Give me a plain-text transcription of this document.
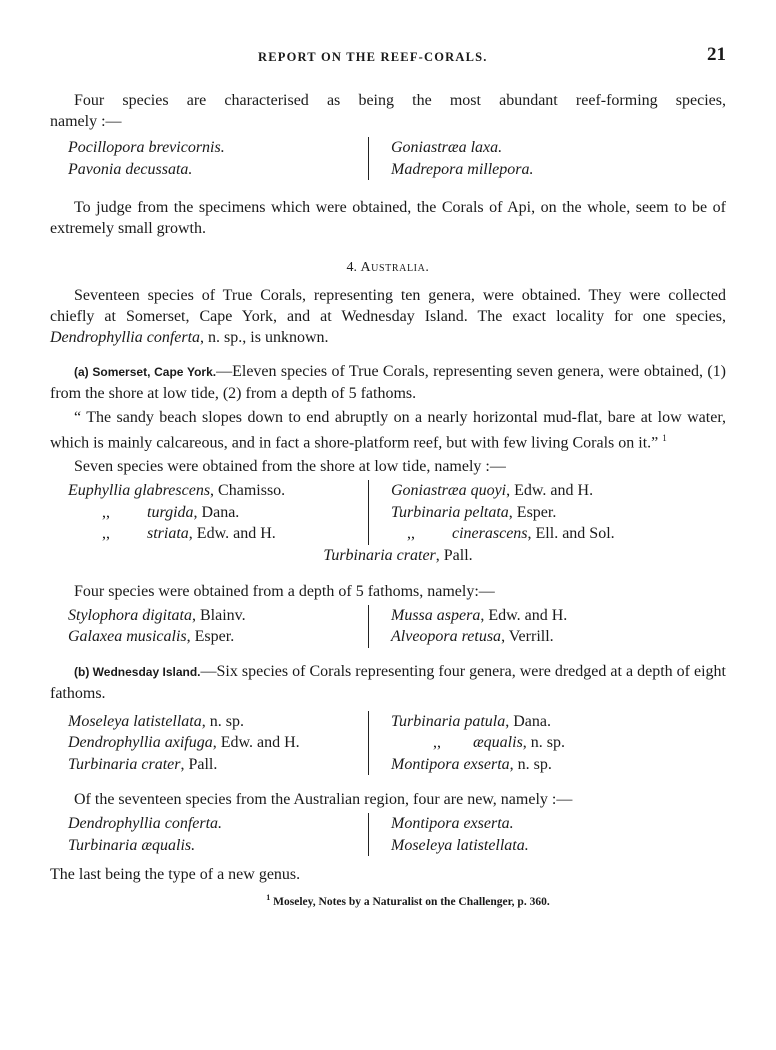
REPORT ON THE REEF-CORALS.	21

Four species are characterised as being the most abundant reef-forming species,

namely :—

Pocillopora brevicornis.
Pavonia decussata.
Goniastræa laxa.
Madrepora millepora.

To judge from the specimens which were obtained, the Corals of Api, on the whole, seem to be of extremely small growth.

4. Australia.

Seventeen species of True Corals, representing ten genera, were obtained. They were collected chiefly at Somerset, Cape York, and at Wednesday Island. The exact locality for one species, Dendrophyllia conferta, n. sp., is unknown.

(a) Somerset, Cape York.—Eleven species of True Corals, representing seven genera, were obtained, (1) from the shore at low tide, (2) from a depth of 5 fathoms.

“ The sandy beach slopes down to end abruptly on a nearly horizontal mud-flat, bare at low water, which is mainly calcareous, and in fact a shore-platform reef, but with few living Corals on it.” $^1$

Seven species were obtained from the shore at low tide, namely :—

Euphyllia glabrescens, Chamisso.
,, turgida, Dana.
,, striata, Edw. and H.
Goniastræa quoyi, Edw. and H.
Turbinaria peltata, Esper.
,, cinerascens, Ell. and Sol.
Turbinaria crater, Pall.

Four species were obtained from a depth of 5 fathoms, namely:—

Stylophora digitata, Blainv.
Galaxea musicalis, Esper.
Mussa aspera, Edw. and H.
Alveopora retusa, Verrill.

(b) Wednesday Island.—Six species of Corals representing four genera, were dredged at a depth of eight fathoms.

Moseleya latistellata, n. sp.
Dendrophyllia axifuga, Edw. and H.
Turbinaria crater, Pall.
Turbinaria patula, Dana.
,, æqualis, n. sp.
Montipora exserta, n. sp.

Of the seventeen species from the Australian region, four are new, namely :—

Dendrophyllia conferta.
Turbinaria æqualis.
Montipora exserta.
Moseleya latistellata.

The last being the type of a new genus.

$^1$ Moseley, Notes by a Naturalist on the Challenger, p. 360.
